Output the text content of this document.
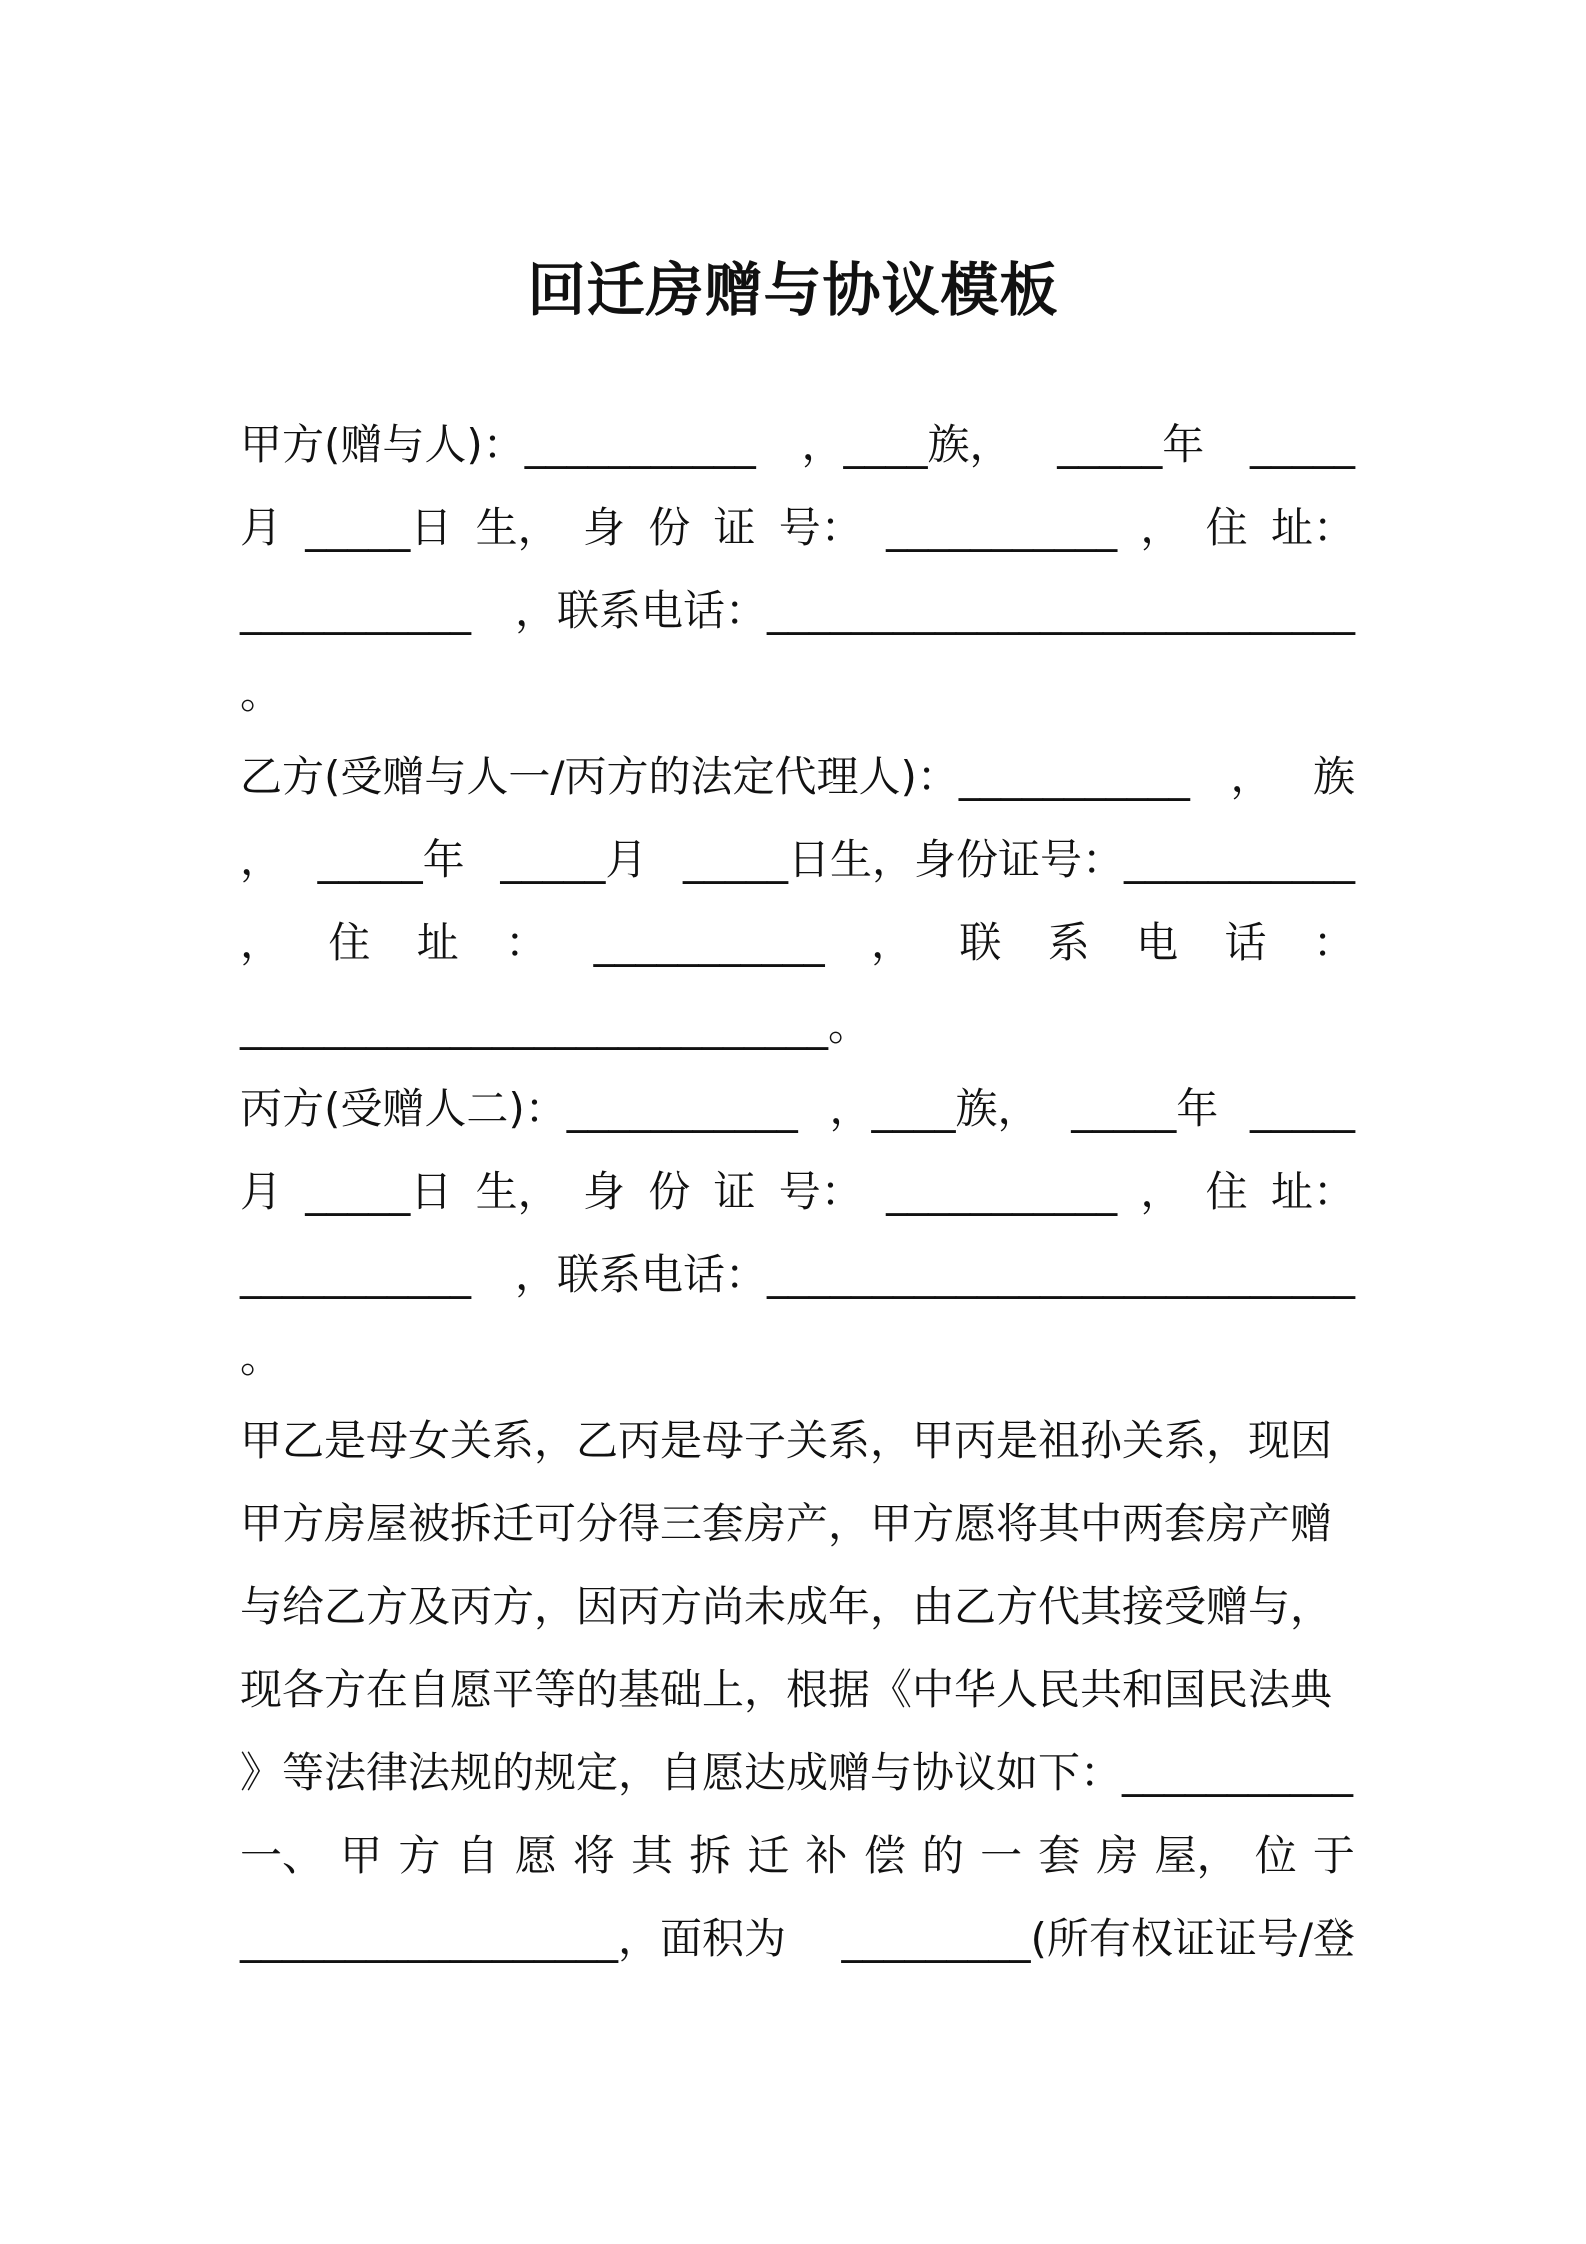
回迁房赠与协议模板
甲方(赠与人)：___________ ，____族， _____年 _____
月 _____日 生， 身 份 证 号： ___________ ， 住 址：
___________ ，联系电话：____________________________
。
乙方(受赠与人一/丙方的法定代理人)：___________ ， 族
， _____年 _____月 _____日生，身份证号：___________
， 住 址 ： ___________ ， 联 系 电 话 ：
____________________________。
丙方(受赠人二)：___________ ，____族， _____年 _____
月 _____日 生， 身 份 证 号： ___________ ， 住 址：
___________ ，联系电话：____________________________
。
甲乙是母女关系，乙丙是母子关系，甲丙是祖孙关系，现因
甲方房屋被拆迁可分得三套房产，甲方愿将其中两套房产赠
与给乙方及丙方，因丙方尚未成年，由乙方代其接受赠与，
现各方在自愿平等的基础上，根据《中华人民共和国民法典
》等法律法规的规定，自愿达成赠与协议如下：___________
一、 甲 方 自 愿 将 其 拆 迁 补 偿 的 一 套 房 屋， 位 于
__________________，面积为 _________(所有权证证号/登
